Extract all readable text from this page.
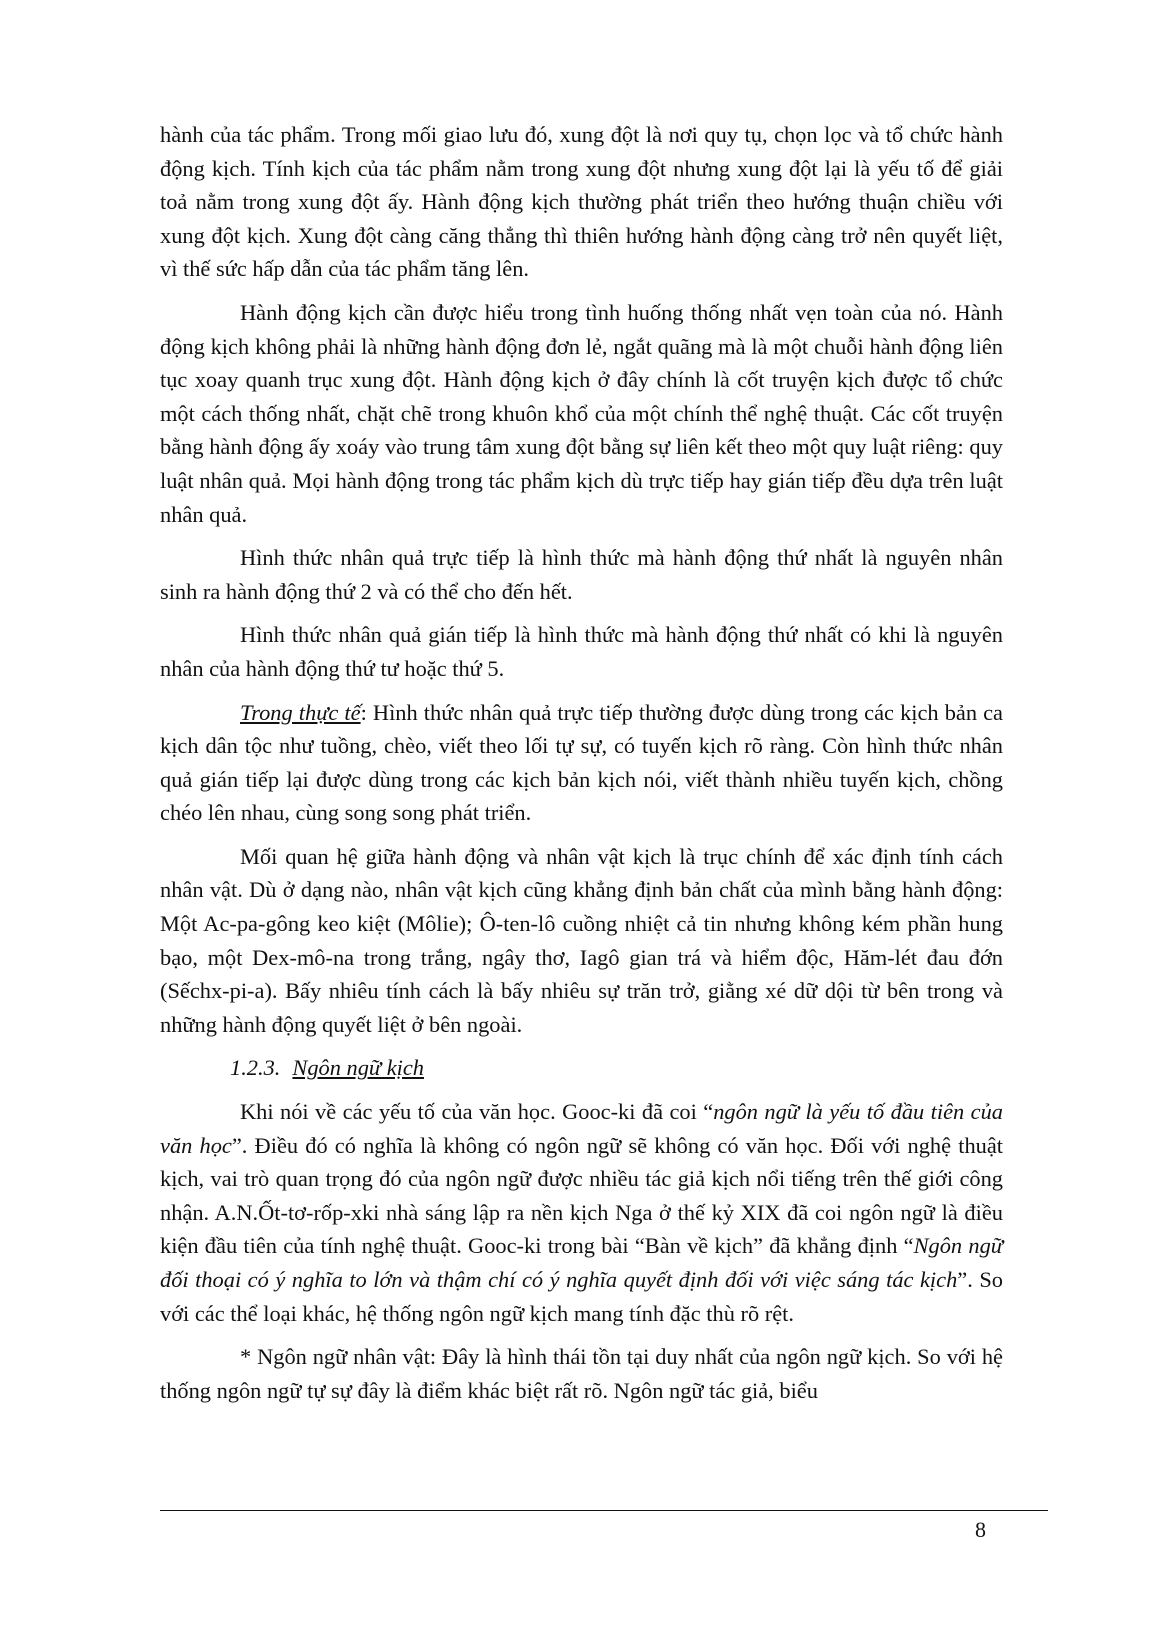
hành của tác phẩm. Trong mối giao lưu đó, xung đột là nơi quy tụ, chọn lọc và tổ chức hành động kịch. Tính kịch của tác phẩm nằm trong xung đột nhưng xung đột lại là yếu tố để giải toả nằm trong xung đột ấy. Hành động kịch thường phát triển theo hướng thuận chiều với xung đột kịch. Xung đột càng căng thẳng thì thiên hướng hành động càng trở nên quyết liệt, vì thế sức hấp dẫn của tác phẩm tăng lên.

Hành động kịch cần được hiểu trong tình huống thống nhất vẹn toàn của nó. Hành động kịch không phải là những hành động đơn lẻ, ngắt quãng mà là một chuỗi hành động liên tục xoay quanh trục xung đột. Hành động kịch ở đây chính là cốt truyện kịch được tổ chức một cách thống nhất, chặt chẽ trong khuôn khổ của một chính thể nghệ thuật. Các cốt truyện bằng hành động ấy xoáy vào trung tâm xung đột bằng sự liên kết theo một quy luật riêng: quy luật nhân quả. Mọi hành động trong tác phẩm kịch dù trực tiếp hay gián tiếp đều dựa trên luật nhân quả.

Hình thức nhân quả trực tiếp là hình thức mà hành động thứ nhất là nguyên nhân sinh ra hành động thứ 2 và có thể cho đến hết.

Hình thức nhân quả gián tiếp là hình thức mà hành động thứ nhất có khi là nguyên nhân của hành động thứ tư hoặc thứ 5.

Trong thực tế: Hình thức nhân quả trực tiếp thường được dùng trong các kịch bản ca kịch dân tộc như tuồng, chèo, viết theo lối tự sự, có tuyến kịch rõ ràng. Còn hình thức nhân quả gián tiếp lại được dùng trong các kịch bản kịch nói, viết thành nhiều tuyến kịch, chồng chéo lên nhau, cùng song song phát triển.

Mối quan hệ giữa hành động và nhân vật kịch là trục chính để xác định tính cách nhân vật. Dù ở dạng nào, nhân vật kịch cũng khẳng định bản chất của mình bằng hành động: Một Ac-pa-gông keo kiệt (Môlie); Ô-ten-lô cuồng nhiệt cả tin nhưng không kém phần hung bạo, một Dex-mô-na trong trắng, ngây thơ, Iagô gian trá và hiểm độc, Hăm-lét đau đớn (Sếchx-pi-a). Bấy nhiêu tính cách là bấy nhiêu sự trăn trở, giằng xé dữ dội từ bên trong và những hành động quyết liệt ở bên ngoài.

1.2.3. Ngôn ngữ kịch

Khi nói về các yếu tố của văn học. Gooc-ki đã coi “ngôn ngữ là yếu tố đầu tiên của văn học”. Điều đó có nghĩa là không có ngôn ngữ sẽ không có văn học. Đối với nghệ thuật kịch, vai trò quan trọng đó của ngôn ngữ được nhiều tác giả kịch nổi tiếng trên thế giới công nhận. A.N.Ốt-tơ-rốp-xki nhà sáng lập ra nền kịch Nga ở thế kỷ XIX đã coi ngôn ngữ là điều kiện đầu tiên của tính nghệ thuật. Gooc-ki trong bài “Bàn về kịch” đã khẳng định “Ngôn ngữ đối thoại có ý nghĩa to lớn và thậm chí có ý nghĩa quyết định đối với việc sáng tác kịch”. So với các thể loại khác, hệ thống ngôn ngữ kịch mang tính đặc thù rõ rệt.

* Ngôn ngữ nhân vật: Đây là hình thái tồn tại duy nhất của ngôn ngữ kịch. So với hệ thống ngôn ngữ tự sự đây là điểm khác biệt rất rõ. Ngôn ngữ tác giả, biểu

8
